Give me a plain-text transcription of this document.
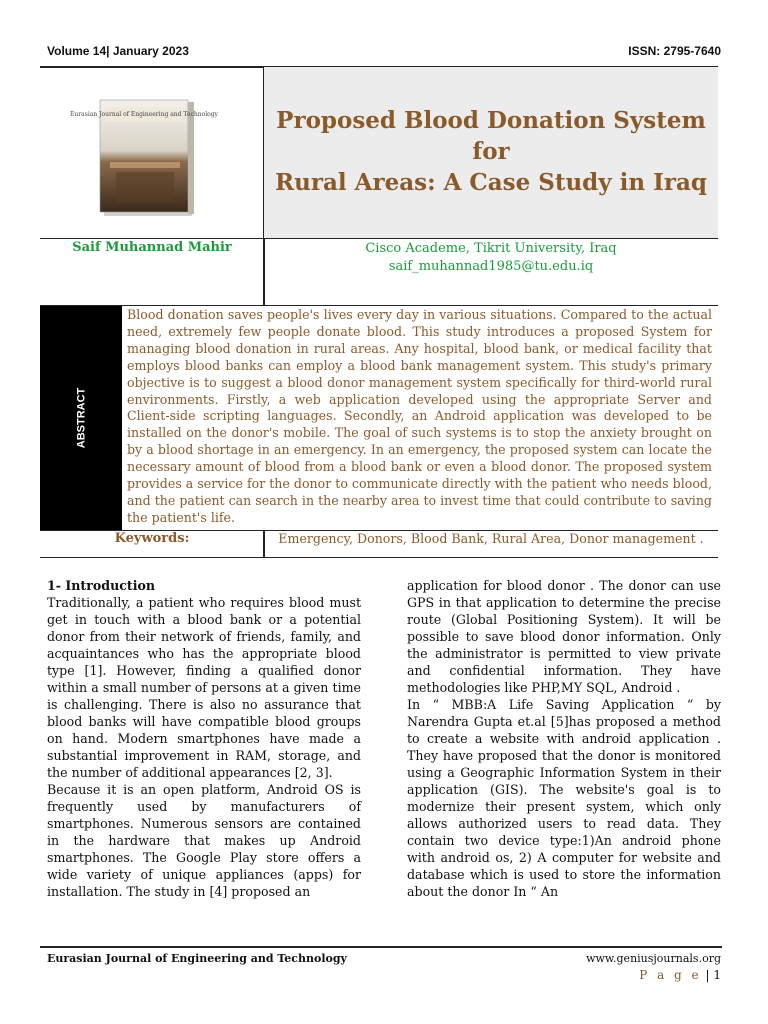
Volume 14| January 2023	ISSN: 2795-7640
Eurasian Journal of Engineering and Technology	Proposed Blood Donation System for
Rural Areas: A Case Study in Iraq
Saif Muhannad Mahir	Cisco Academe, Tikrit University, Iraq
saif_muhannad1985@tu.edu.iq
ABSTRACT
Blood donation saves people's lives every day in various situations. Compared to the actual need, extremely few people donate blood. This study introduces a proposed System for managing blood donation in rural areas. Any hospital, blood bank, or medical facility that employs blood banks can employ a blood bank management system. This study's primary objective is to suggest a blood donor management system specifically for third-world rural environments. Firstly, a web application developed using the appropriate Server and Client-side scripting languages. Secondly, an Android application was developed to be installed on the donor's mobile. The goal of such systems is to stop the anxiety brought on by a blood shortage in an emergency. In an emergency, the proposed system can locate the necessary amount of blood from a blood bank or even a blood donor. The proposed system provides a service for the donor to communicate directly with the patient who needs blood, and the patient can search in the nearby area to invest time that could contribute to saving the patient's life.
Keywords:	Emergency, Donors, Blood Bank, Rural Area, Donor management .
1- Introduction

Traditionally, a patient who requires blood must get in touch with a blood bank or a potential donor from their network of friends, family, and acquaintances who has the appropriate blood type [1]. However, finding a qualified donor within a small number of persons at a given time is challenging. There is also no assurance that blood banks will have compatible blood groups on hand. Modern smartphones have made a substantial improvement in RAM, storage, and the number of additional appearances [2, 3].

Because it is an open platform, Android OS is frequently used by manufacturers of smartphones. Numerous sensors are contained in the hardware that makes up Android smartphones. The Google Play store offers a wide variety of unique appliances (apps) for installation. The study in [4] proposed an

application for blood donor . The donor can use GPS in that application to determine the precise route (Global Positioning System). It will be possible to save blood donor information. Only the administrator is permitted to view private and confidential information. They have methodologies like PHP,MY SQL, Android .

In “ MBB:A Life Saving Application “ by Narendra Gupta et.al [5]has proposed a method to create a website with android application . They have proposed that the donor is monitored using a Geographic Information System in their application (GIS). The website's goal is to modernize their present system, which only allows authorized users to read data. They contain two device type:1)An android phone with android os, 2) A computer for website and database which is used to store the information about the donor In “ An

Eurasian Journal of Engineering and Technology	www.geniusjournals.org
P a g e | 1
